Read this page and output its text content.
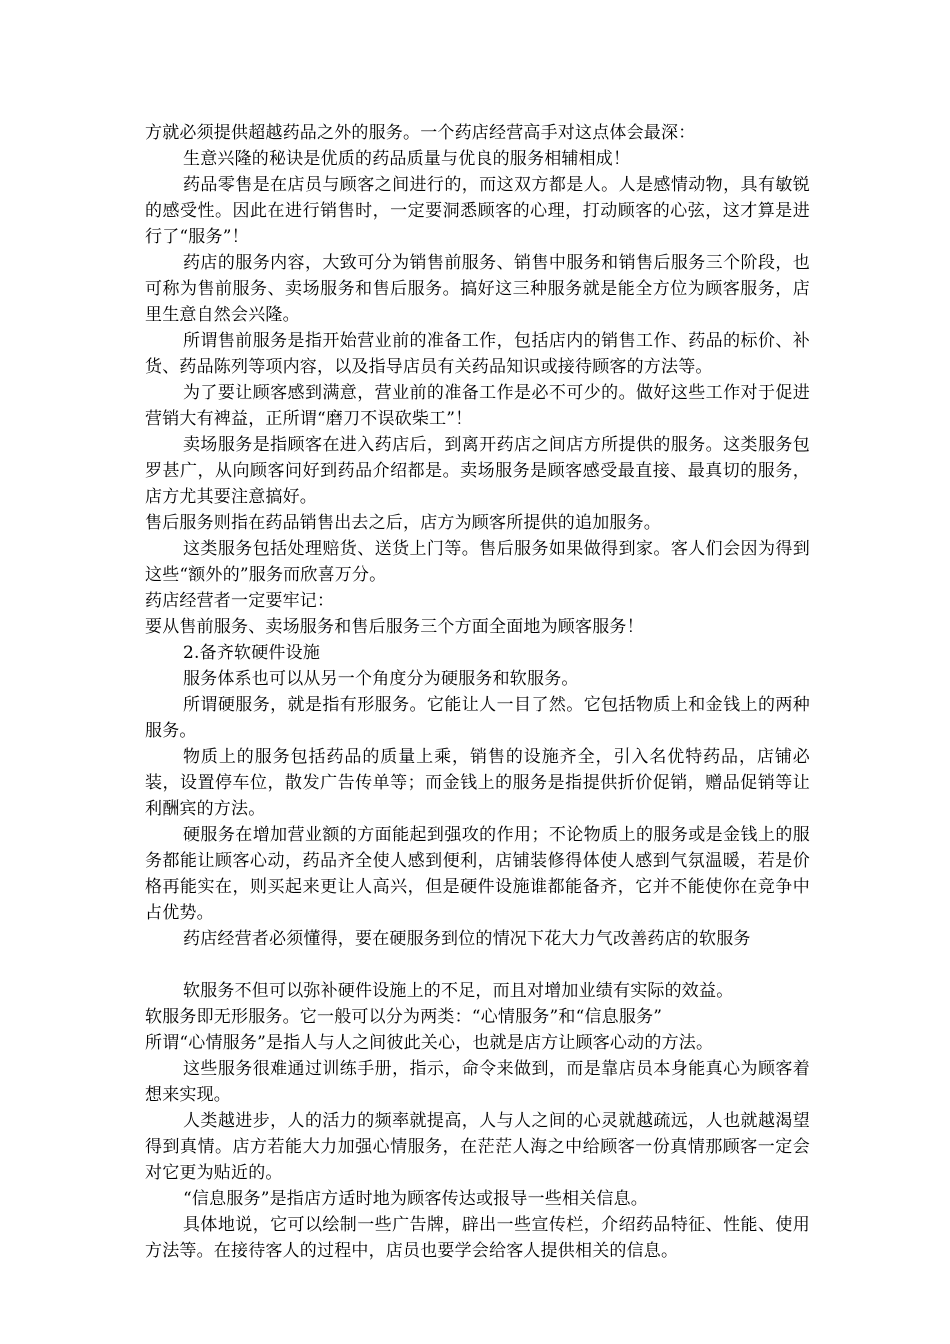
方就必须提供超越药品之外的服务。一个药店经营高手对这点体会最深：

生意兴隆的秘诀是优质的药品质量与优良的服务相辅相成！

药品零售是在店员与顾客之间进行的，而这双方都是人。人是感情动物，具有敏锐的感受性。因此在进行销售时，一定要洞悉顾客的心理，打动顾客的心弦，这才算是进行了“服务”！

药店的服务内容，大致可分为销售前服务、销售中服务和销售后服务三个阶段，也可称为售前服务、卖场服务和售后服务。搞好这三种服务就是能全方位为顾客服务，店里生意自然会兴隆。

所谓售前服务是指开始营业前的准备工作，包括店内的销售工作、药品的标价、补货、药品陈列等项内容，以及指导店员有关药品知识或接待顾客的方法等。

为了要让顾客感到满意，营业前的准备工作是必不可少的。做好这些工作对于促进营销大有裨益，正所谓“磨刀不误砍柴工”！

卖场服务是指顾客在进入药店后，到离开药店之间店方所提供的服务。这类服务包罗甚广，从向顾客问好到药品介绍都是。卖场服务是顾客感受最直接、最真切的服务，店方尤其要注意搞好。

售后服务则指在药品销售出去之后，店方为顾客所提供的追加服务。

这类服务包括处理赔货、送货上门等。售后服务如果做得到家。客人们会因为得到这些“额外的”服务而欣喜万分。

药店经营者一定要牢记：

要从售前服务、卖场服务和售后服务三个方面全面地为顾客服务！

2.备齐软硬件设施

服务体系也可以从另一个角度分为硬服务和软服务。

所谓硬服务，就是指有形服务。它能让人一目了然。它包括物质上和金钱上的两种服务。

物质上的服务包括药品的质量上乘，销售的设施齐全，引入名优特药品，店铺必装，设置停车位，散发广告传单等；而金钱上的服务是指提供折价促销，赠品促销等让利酬宾的方法。

硬服务在增加营业额的方面能起到强攻的作用；不论物质上的服务或是金钱上的服务都能让顾客心动，药品齐全使人感到便利，店铺装修得体使人感到气氛温暖，若是价格再能实在，则买起来更让人高兴，但是硬件设施谁都能备齐，它并不能使你在竞争中占优势。

药店经营者必须懂得，要在硬服务到位的情况下花大力气改善药店的软服务

软服务不但可以弥补硬件设施上的不足，而且对增加业绩有实际的效益。

软服务即无形服务。它一般可以分为两类：“心情服务”和“信息服务”

所谓“心情服务”是指人与人之间彼此关心，也就是店方让顾客心动的方法。

这些服务很难通过训练手册，指示，命令来做到，而是靠店员本身能真心为顾客着想来实现。

人类越进步，人的活力的频率就提高，人与人之间的心灵就越疏远，人也就越渴望得到真情。店方若能大力加强心情服务，在茫茫人海之中给顾客一份真情那顾客一定会对它更为贴近的。

“信息服务”是指店方适时地为顾客传达或报导一些相关信息。

具体地说，它可以绘制一些广告牌，辟出一些宣传栏，介绍药品特征、性能、使用方法等。在接待客人的过程中，店员也要学会给客人提供相关的信息。
